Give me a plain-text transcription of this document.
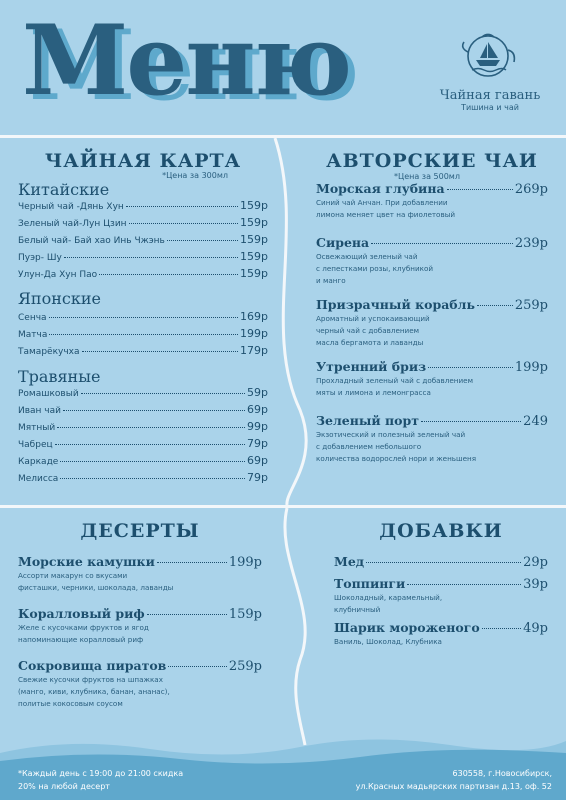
Меню	Чайная гавань
Тишина и чай
ЧАЙНАЯ КАРТА
*Цена за 300мл
Китайские
Черный чай -Дянь Хун	159р
Зеленый чай-Лун Цзин	159р
Белый чай- Бай хао Инь Чжэнь	159р
Пуэр- Шу	159р
Улун-Да Хун Пао	159р
Японские
Сенча	169р
Матча	199р
Тамарёкучха	179р
Травяные
Ромашковый	59р
Иван чай	69р
Мятный	99р
Чабрец	79р
Каркаде	69р
Мелисса	79р
АВТОРСКИЕ ЧАИ
*Цена за 500мл
Морская глубина	269р
Синий чай Анчан. При добавлении
лимона меняет цвет на фиолетовый
Сирена	239р
Освежающий зеленый чай
с лепестками розы, клубникой
и манго
Призрачный корабль	259р
Ароматный и успокаивающий
черный чай с добавлением
масла бергамота и лаванды
Утренний бриз	199р
Прохладный зеленый чай с добавлением
мяты и лимона и лемонграсса
Зеленый порт	249
Экзотический и полезный зеленый чай
с добавлением небольшого
количества водорослей нори и женьшеня
ДЕСЕРТЫ
Морские камушки	199р
Ассорти макарун со вкусами
фисташки, черники, шоколада, лаванды
Коралловый риф	159р
Желе с кусочками фруктов и ягод
напоминающие коралловый риф
Сокровища пиратов	259р
Свежие кусочки фруктов на шпажках
(манго, киви, клубника, банан, ананас),
политые кокосовым соусом
ДОБАВКИ
Мед	29р
Топпинги	39р
Шоколадный, карамельный,
клубничный
Шарик мороженого	49р
Ваниль, Шоколад, Клубника
*Каждый день с 19:00 до 21:00 скидка
20% на любой десерт
630558, г.Новосибирск,
ул.Красных мадьярских партизан д.13, оф. 52
